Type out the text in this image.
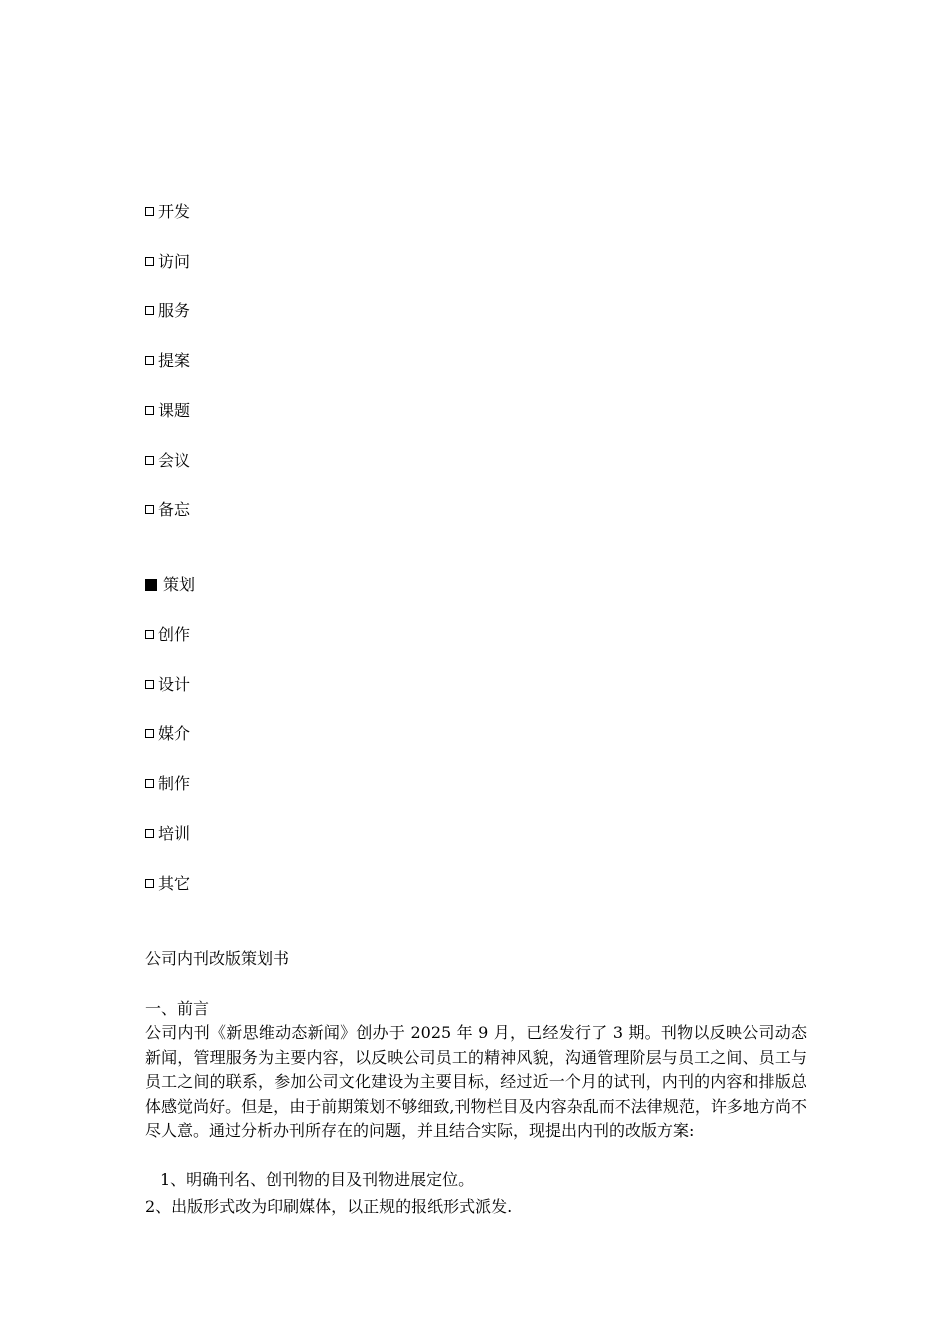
开发
访问
服务
提案
课题
会议
备忘
策划
创作
设计
媒介
制作
培训
其它
公司内刊改版策划书
一、前言
公司内刊《新思维动态新闻》创办于 2025 年 9 月，已经发行了 3 期。刊物以反映公司动态新闻，管理服务为主要内容，以反映公司员工的精神风貌，沟通管理阶层与员工之间、员工与员工之间的联系，参加公司文化建设为主要目标，经过近一个月的试刊，内刊的内容和排版总体感觉尚好。但是，由于前期策划不够细致,刊物栏目及内容杂乱而不法律规范，许多地方尚不尽人意。通过分析办刊所存在的问题，并且结合实际，现提出内刊的改版方案:
1、明确刊名、创刊物的目及刊物进展定位。
2、出版形式改为印刷媒体，以正规的报纸形式派发.
